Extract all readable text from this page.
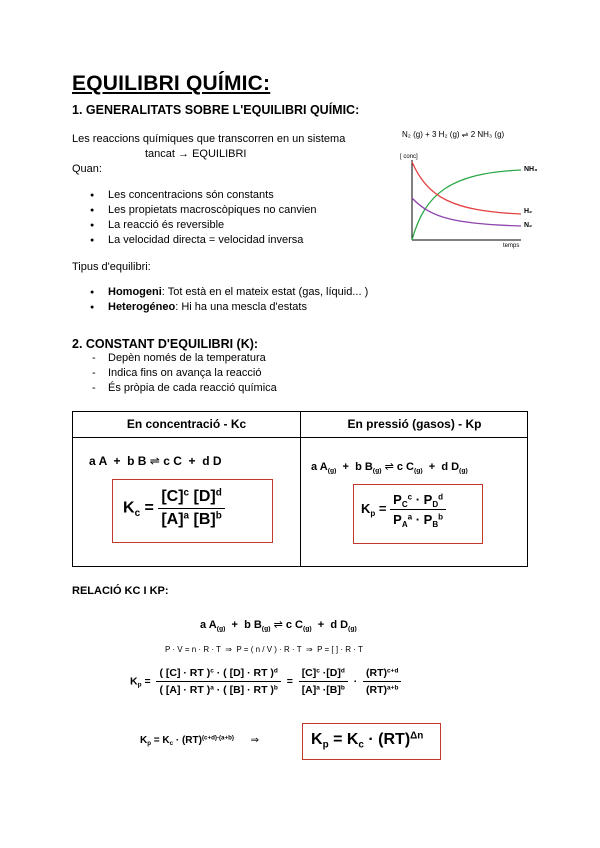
EQUILIBRI QUÍMIC:
1. GENERALITATS SOBRE L'EQUILIBRI QUÍMIC:
Les reaccions químiques que transcorren en un sistema
tancat → EQUILIBRI
Quan:
● Les concentracions són constants
● Les propietats macroscòpiques no canvien
● La reacció és reversible
● La velocidad directa = velocidad inversa
Tipus d'equilibri:
● Homogeni: Tot està en el mateix estat (gas, líquid... )
● Heterogéneo: Hi ha una mescla d'estats
N₂ (g) + 3 H₂ (g) ⇌ 2 NH₃ (g)
[ conc]
temps
NH₃
H₂
N₂
2. CONSTANT D'EQUILIBRI (K):
- Depèn només de la temperatura
- Indica fins on avança la reacció
- És pròpia de cada reacció química
En concentració - Kc	En pressió (gasos) - Kp
a A  +  b B ⇌ c C  +  d D
$K_c = \frac{[C]^c [D]^d}{[A]^a [B]^b}$
a $A_{(g)} + b$ $B_{(g)}$ ⇌ c $C_{(g)} + d$ $D_{(g)}$
$K_p = \frac{P_C^c \cdot P_D^d}{P_A^a \cdot P_B^b}$
RELACIÓ KC I KP:
a $A_{(g)} + b$ $B_{(g)}$ ⇌ c $C_{(g)} + d$ $D_{(g)}$
P · V = n · R · T  ⇒  P = ( n / V ) · R · T  ⇒  P = [ ] · R · T
$K_p = \frac{( [C] \cdot RT )^c \cdot ( [D] \cdot RT )^d}{( [A] \cdot RT )^a \cdot ( [B] \cdot RT )^b} = \frac{[C]^c \cdot[D]^d}{[A]^a \cdot[B]^b} \cdot \frac{(RT)^{c+d}}{(RT)^{a+b}}$
$K_p = K_c \cdot (RT)^{(c+d)-(a+b)}$ ⇒	$K_p = K_c \cdot (RT)^{\Delta n}$
